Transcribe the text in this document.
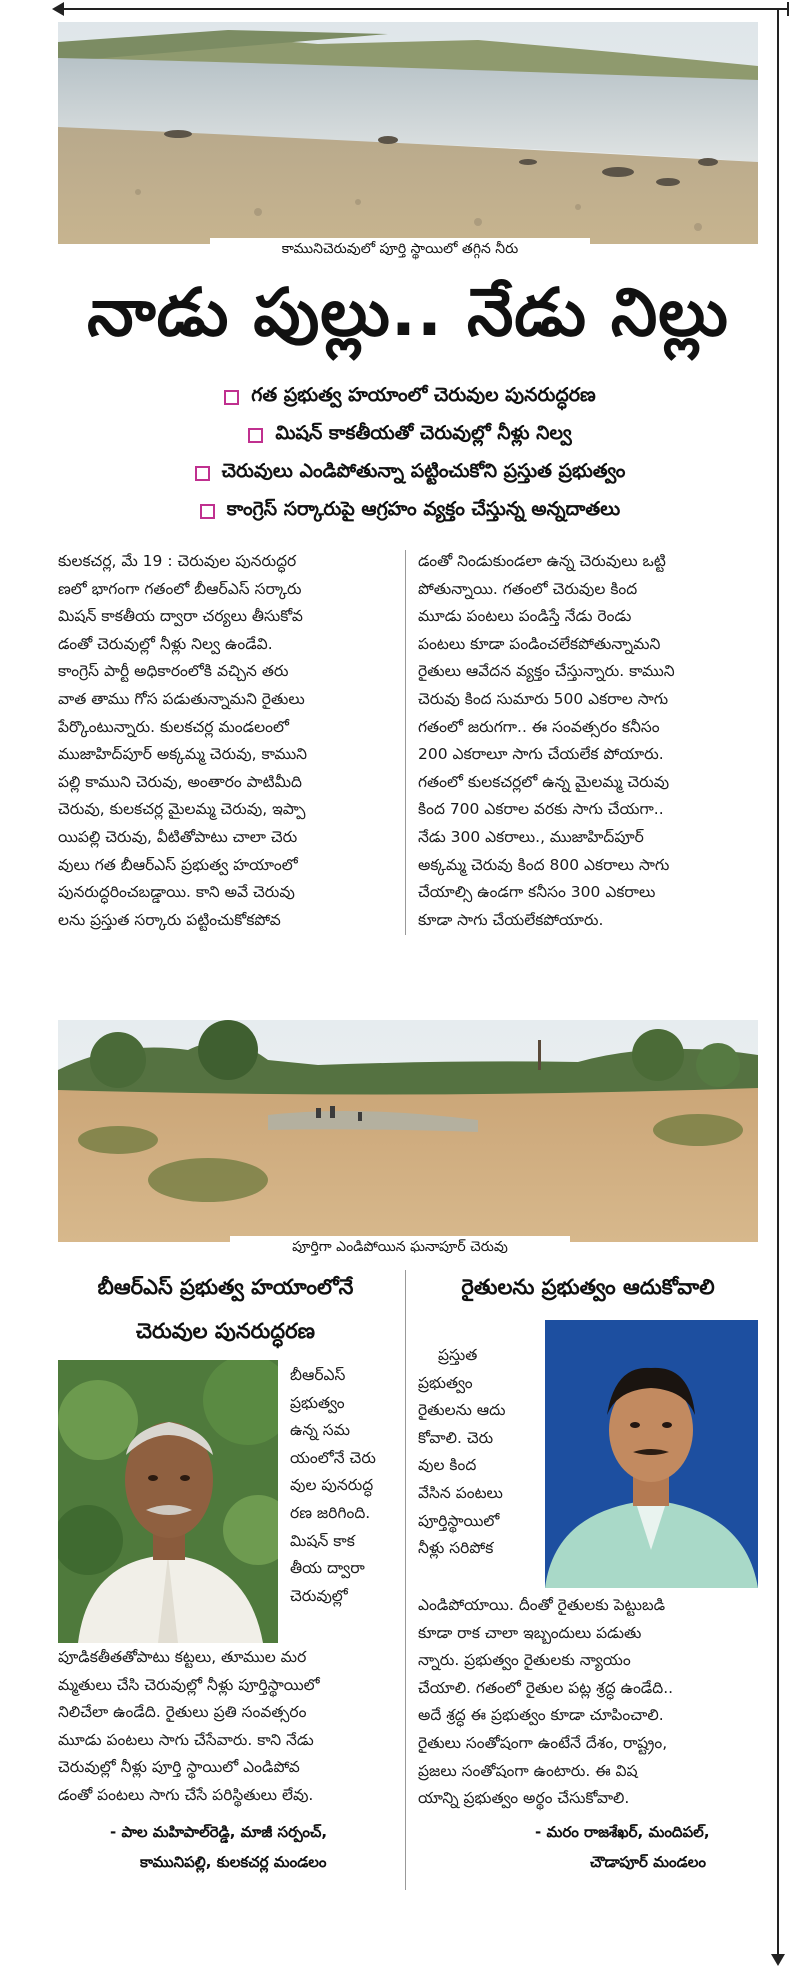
కామునిచెరువులో పూర్తి స్థాయిలో తగ్గిన నీరు
నాడు పుల్లు.. నేడు నిల్లు
గత ప్రభుత్వ హయాంలో చెరువుల పునరుద్ధరణ
మిషన్ కాకతీయతో చెరువుల్లో నీళ్లు నిల్వ
చెరువులు ఎండిపోతున్నా పట్టించుకోని ప్రస్తుత ప్రభుత్వం
కాంగ్రెస్ సర్కారుపై ఆగ్రహం వ్యక్తం చేస్తున్న అన్నదాతలు

కులకచర్ల, మే 19 : చెరువుల పునరుద్ధర

ణలో భాగంగా గతంలో బీఆర్ఎస్ సర్కారు

మిషన్ కాకతీయ ద్వారా చర్యలు తీసుకోవ

డంతో చెరువుల్లో నీళ్లు నిల్వ ఉండేవి.

కాంగ్రెస్ పార్టీ అధికారంలోకి వచ్చిన తరు

వాత తాము గోస పడుతున్నామని రైతులు

పేర్కొంటున్నారు. కులకచర్ల మండలంలో

ముజాహిద్‌పూర్ అక్కమ్మ చెరువు, కాముని

పల్లి కాముని చెరువు, అంతారం పాటిమీది

చెరువు, కులకచర్ల మైలమ్మ చెరువు, ఇప్పా

యిపల్లి చెరువు, వీటితోపాటు చాలా చెరు

వులు గత బీఆర్ఎస్ ప్రభుత్వ హయాంలో

పునరుద్ధరించబడ్డాయి. కాని అవే చెరువు

లను ప్రస్తుత సర్కారు పట్టించుకోకపోవ

డంతో నిండుకుండలా ఉన్న చెరువులు ఒట్టి

పోతున్నాయి. గతంలో చెరువుల కింద

మూడు పంటలు పండిస్తే నేడు రెండు

పంటలు కూడా పండించలేకపోతున్నామని

రైతులు ఆవేదన వ్యక్తం చేస్తున్నారు. కాముని

చెరువు కింద సుమారు 500 ఎకరాల సాగు

గతంలో జరుగగా.. ఈ సంవత్సరం కనీసం

200 ఎకరాలూ సాగు చేయలేక పోయారు.

గతంలో కులకచర్లలో ఉన్న మైలమ్మ చెరువు

కింద 700 ఎకరాల వరకు సాగు చేయగా..

నేడు 300 ఎకరాలు., ముజాహిద్‌పూర్

అక్కమ్మ చెరువు కింద 800 ఎకరాలు సాగు

చేయాల్సి ఉండగా కనీసం 300 ఎకరాలు

కూడా సాగు చేయలేకపోయారు.

పూర్తిగా ఎండిపోయిన ఘనాపూర్ చెరువు
బీఆర్ఎస్ ప్రభుత్వ హయాంలోనే
చెరువుల పునరుద్ధరణ
బీఆర్ఎస్
ప్రభుత్వం
ఉన్న సమ
యంలోనే చెరు
వుల పునరుద్ధ
రణ జరిగింది.
మిషన్ కాక
తీయ ద్వారా
చెరువుల్లో
పూడికతీతతోపాటు కట్టలు, తూముల మర
మ్మతులు చేసి చెరువుల్లో నీళ్లు పూర్తిస్థాయిలో
నిలిచేలా ఉండేది. రైతులు ప్రతి సంవత్సరం
మూడు పంటలు సాగు చేసేవారు. కాని నేడు
చెరువుల్లో నీళ్లు పూర్తి స్థాయిలో ఎండిపోవ
డంతో పంటలు సాగు చేసే పరిస్థితులు లేవు.
- పాల మహిపాల్‌రెడ్డి, మాజీ సర్పంచ్,
కామునిపల్లి, కులకచర్ల మండలం
రైతులను ప్రభుత్వం ఆదుకోవాలి
ప్రస్తుత
ప్రభుత్వం
రైతులను ఆదు
కోవాలి. చెరు
వుల కింద
వేసిన పంటలు
పూర్తిస్థాయిలో
నీళ్లు సరిపోక
ఎండిపోయాయి. దీంతో రైతులకు పెట్టుబడి
కూడా రాక చాలా ఇబ్బందులు పడుతు
న్నారు. ప్రభుత్వం రైతులకు న్యాయం
చేయాలి. గతంలో రైతుల పట్ల శ్రద్ధ ఉండేది..
అదే శ్రద్ధ ఈ ప్రభుత్వం కూడా చూపించాలి.
రైతులు సంతోషంగా ఉంటేనే దేశం, రాష్ట్రం,
ప్రజలు సంతోషంగా ఉంటారు. ఈ విష
యాన్ని ప్రభుత్వం అర్థం చేసుకోవాలి.
- మరం రాజశేఖర్, మందిపల్,
చౌడాపూర్ మండలం
